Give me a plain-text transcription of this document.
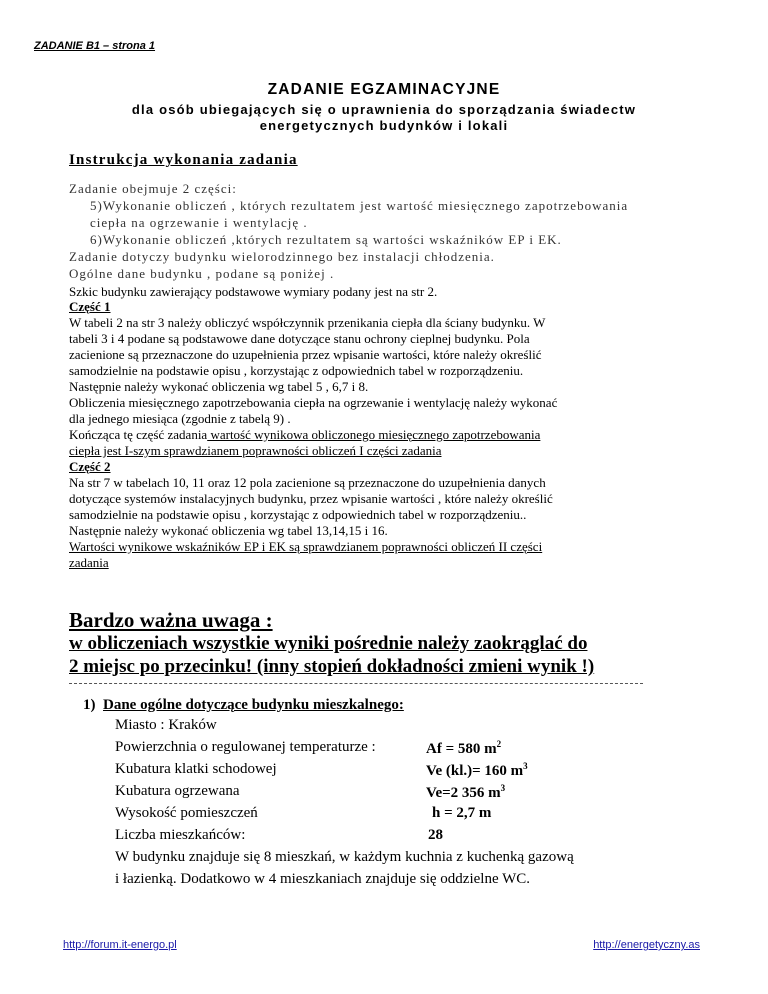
ZADANIE B1 – strona 1
ZADANIE EGZAMINACYJNE
dla osób ubiegających się o uprawnienia do sporządzania świadectw
energetycznych budynków i lokali
Instrukcja wykonania zadania
Zadanie obejmuje 2 części:
5)Wykonanie obliczeń , których rezultatem jest wartość miesięcznego zapotrzebowania
ciepła na ogrzewanie i wentylację .
6)Wykonanie obliczeń ,których rezultatem są wartości wskaźników EP i EK.
Zadanie dotyczy budynku wielorodzinnego bez instalacji chłodzenia.
Ogólne dane budynku , podane są poniżej .
Szkic budynku zawierający podstawowe wymiary podany jest na str 2.
Część 1
W tabeli 2 na str 3 należy obliczyć współczynnik przenikania ciepła dla ściany budynku. W
tabeli 3 i 4 podane są podstawowe dane dotyczące stanu ochrony cieplnej budynku. Pola
zacienione są przeznaczone do uzupełnienia przez wpisanie wartości, które należy określić
samodzielnie na podstawie opisu , korzystając z odpowiednich tabel w rozporządzeniu.
Następnie należy wykonać obliczenia wg tabel 5 , 6,7 i 8.
Obliczenia miesięcznego zapotrzebowania ciepła na ogrzewanie i wentylację należy wykonać
dla jednego miesiąca (zgodnie z tabelą 9) .
Kończąca tę część zadania wartość wynikowa obliczonego miesięcznego zapotrzebowania
ciepła jest I-szym sprawdzianem poprawności obliczeń I części zadania
Część 2
Na str 7 w tabelach 10, 11 oraz 12 pola zacienione są przeznaczone do uzupełnienia danych
dotyczące systemów instalacyjnych budynku, przez wpisanie wartości , które należy określić
samodzielnie na podstawie opisu , korzystając z odpowiednich tabel w rozporządzeniu..
Następnie należy wykonać obliczenia wg tabel 13,14,15 i 16.
Wartości wynikowe wskaźników EP i EK są sprawdzianem poprawności obliczeń II części
zadania
Bardzo ważna uwaga :
w obliczeniach wszystkie wyniki pośrednie należy zaokrąglać do
2 miejsc po przecinku! (inny stopień dokładności zmieni wynik !)
1) Dane ogólne dotyczące budynku mieszkalnego:
Miasto : Kraków
Powierzchnia o regulowanej temperaturze :	Af = 580 $m^2$
Kubatura klatki schodowej	Ve (kl.)= 160 $m^3$
Kubatura ogrzewana	Ve=2 356 $m^3$
Wysokość pomieszczeń	h = 2,7 m
Liczba mieszkańców:	28
W budynku znajduje się 8 mieszkań, w każdym kuchnia z kuchenką gazową
i łazienką. Dodatkowo w 4 mieszkaniach znajduje się oddzielne WC.
http://forum.it-energo.pl	http://energetyczny.as
